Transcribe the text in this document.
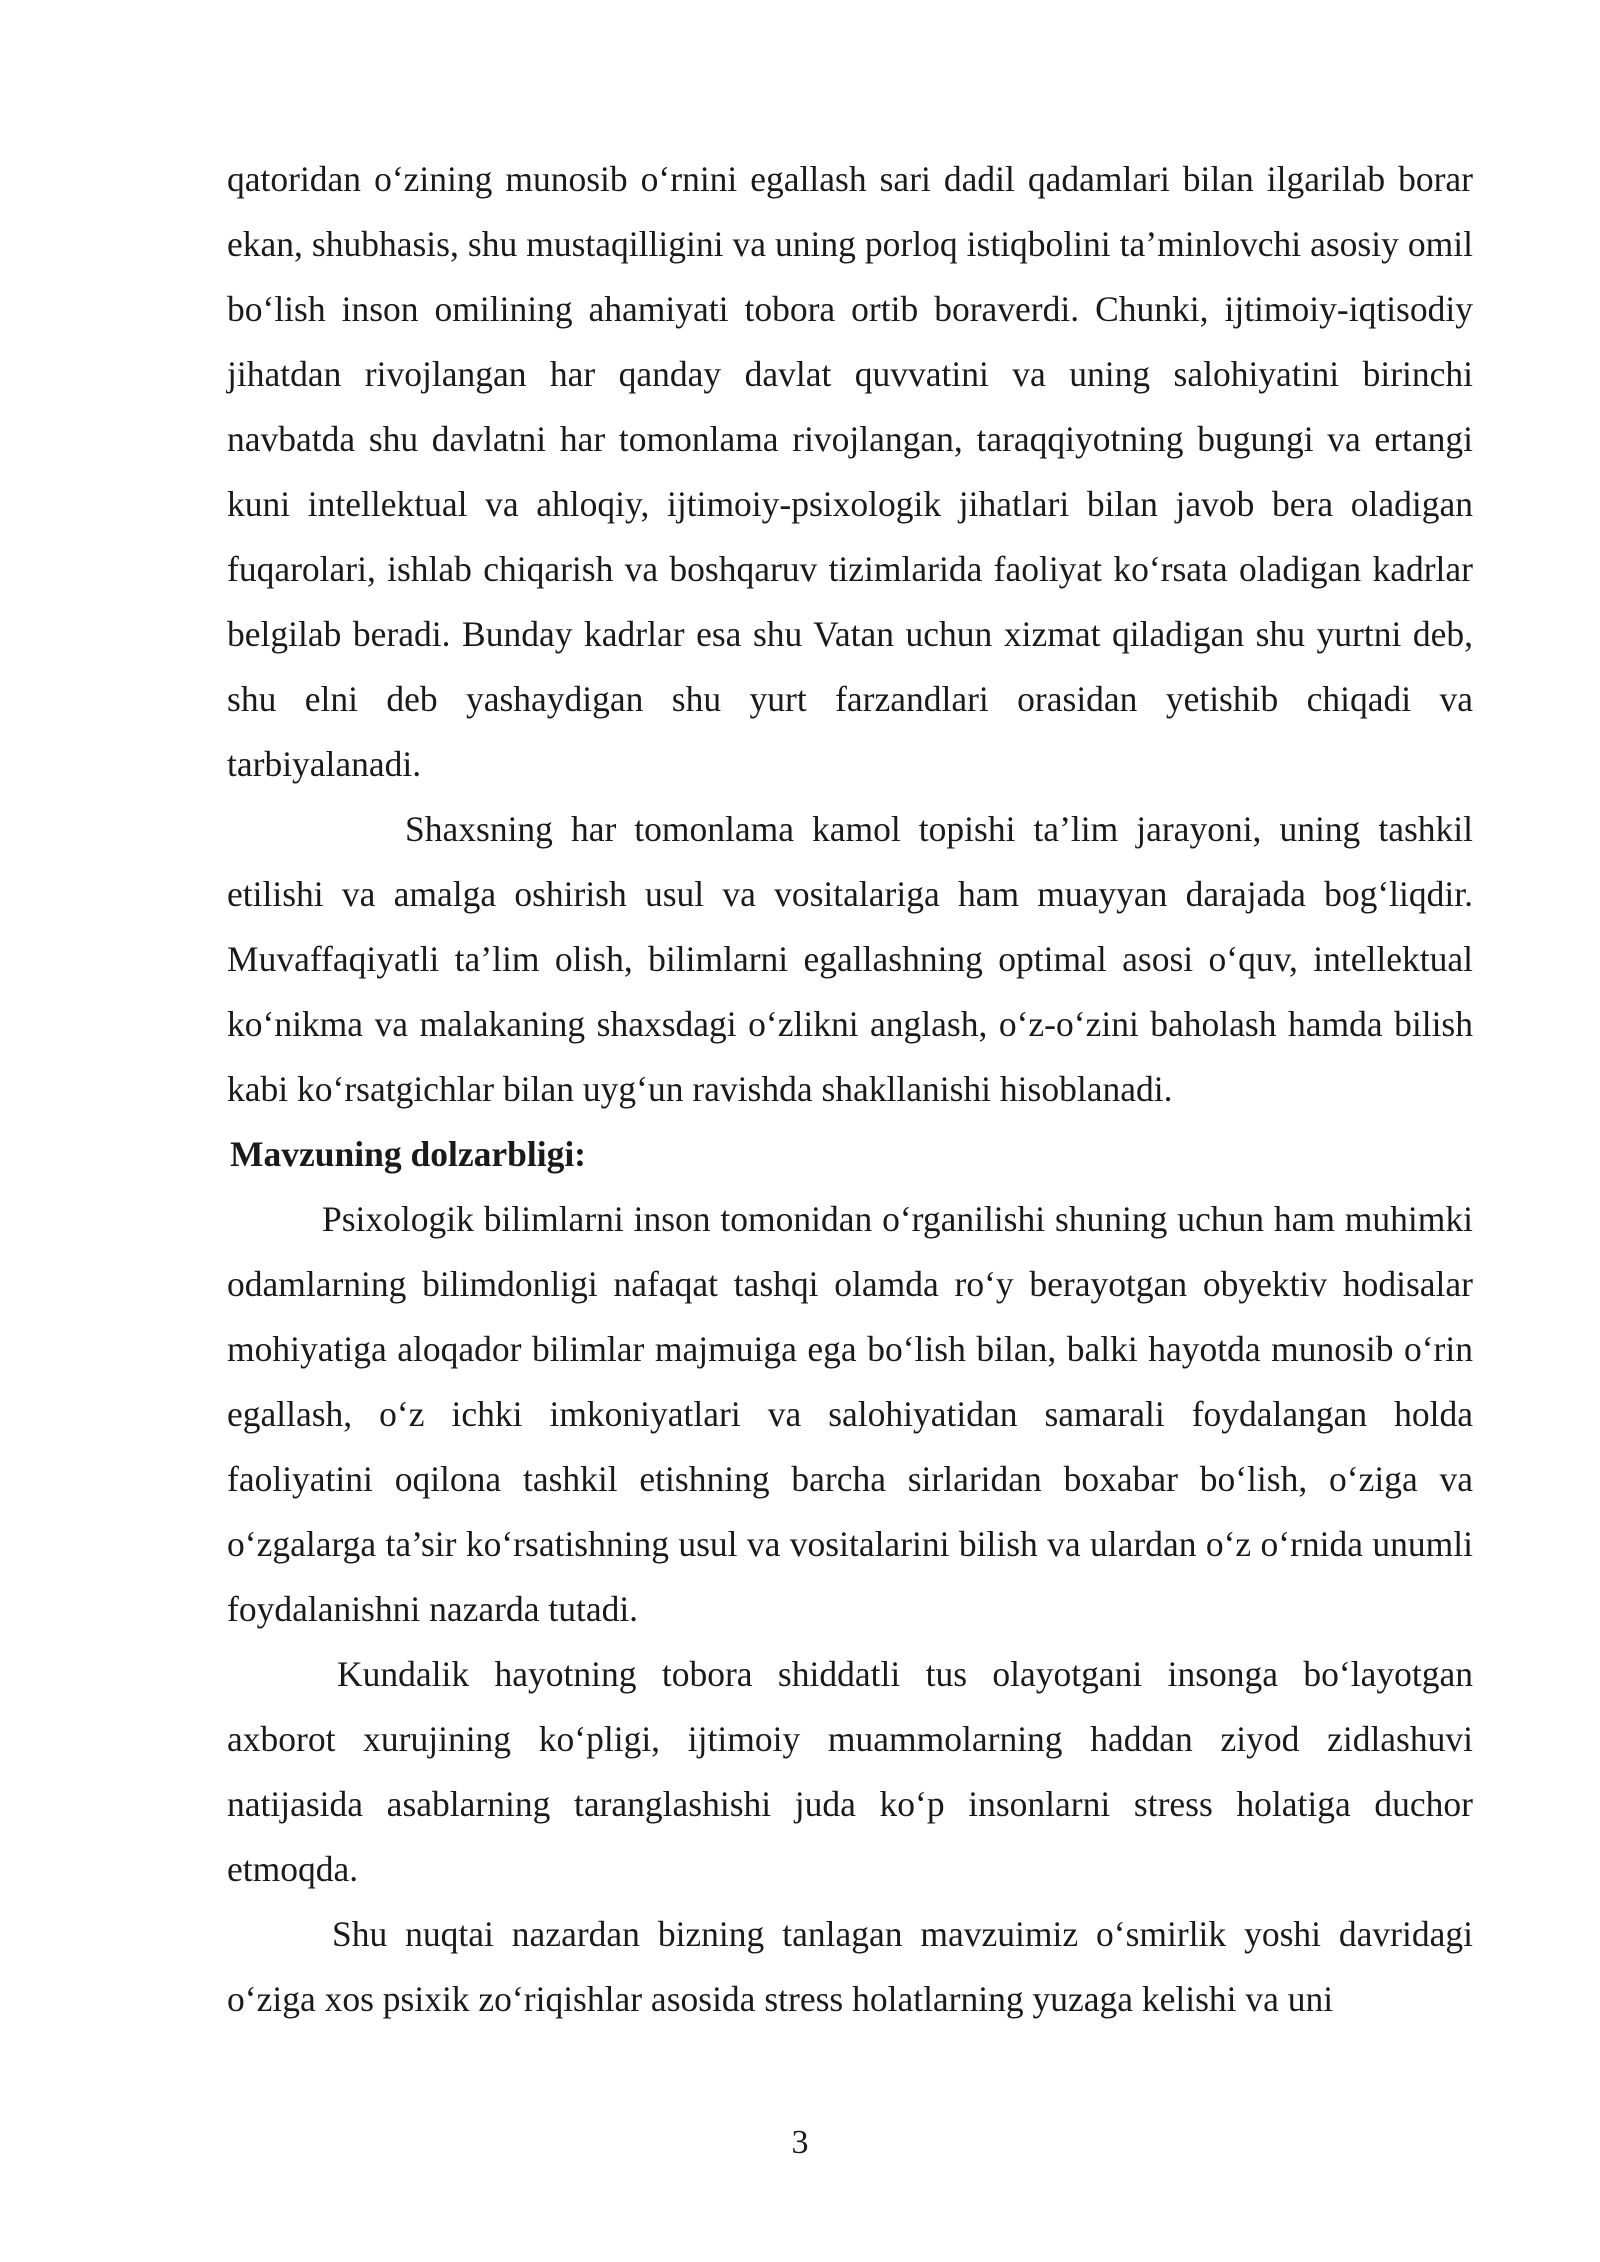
qatoridan o‘zining munosib o‘rnini egallash sari dadil qadamlari bilan ilgarilab borar ekan, shubhasis, shu mustaqilligini va uning porloq istiqbolini ta’minlovchi asosiy omil bo‘lish inson omilining ahamiyati tobora ortib boraverdi. Chunki, ijtimoiy-iqtisodiy jihatdan rivojlangan har qanday davlat quvvatini va uning salohiyatini birinchi navbatda shu davlatni har tomonlama rivojlangan, taraqqiyotning bugungi va ertangi kuni intellektual va ahloqiy, ijtimoiy-psixologik jihatlari bilan javob bera oladigan fuqarolari, ishlab chiqarish va boshqaruv tizimlarida faoliyat ko‘rsata oladigan kadrlar belgilab beradi. Bunday kadrlar esa shu Vatan uchun xizmat qiladigan shu yurtni deb, shu elni deb yashaydigan shu yurt farzandlari orasidan yetishib chiqadi va tarbiyalanadi.

Shaxsning har tomonlama kamol topishi ta’lim jarayoni, uning tashkil etilishi va amalga oshirish usul va vositalariga ham muayyan darajada bog‘liqdir. Muvaffaqiyatli ta’lim olish, bilimlarni egallashning optimal asosi o‘quv, intellektual ko‘nikma va malakaning shaxsdagi o‘zlikni anglash, o‘z-o‘zini baholash hamda bilish kabi ko‘rsatgichlar bilan uyg‘un ravishda shakllanishi hisoblanadi.

Mavzuning dolzarbligi:

Psixologik bilimlarni inson tomonidan o‘rganilishi shuning uchun ham muhimki odamlarning bilimdonligi nafaqat tashqi olamda ro‘y berayotgan obyektiv hodisalar mohiyatiga aloqador bilimlar majmuiga ega bo‘lish bilan, balki hayotda munosib o‘rin egallash, o‘z ichki imkoniyatlari va salohiyatidan samarali foydalangan holda faoliyatini oqilona tashkil etishning barcha sirlaridan boxabar bo‘lish, o‘ziga va o‘zgalarga ta’sir ko‘rsatishning usul va vositalarini bilish va ulardan o‘z o‘rnida unumli foydalanishni nazarda tutadi.

Kundalik hayotning tobora shiddatli tus olayotgani insonga bo‘layotgan axborot xurujining ko‘pligi, ijtimoiy muammolarning haddan ziyod zidlashuvi natijasida asablarning taranglashishi juda ko‘p insonlarni stress holatiga duchor etmoqda.

Shu nuqtai nazardan bizning tanlagan mavzuimiz o‘smirlik yoshi davridagi o‘ziga xos psixik zo‘riqishlar asosida stress holatlarning yuzaga kelishi va uni

3
